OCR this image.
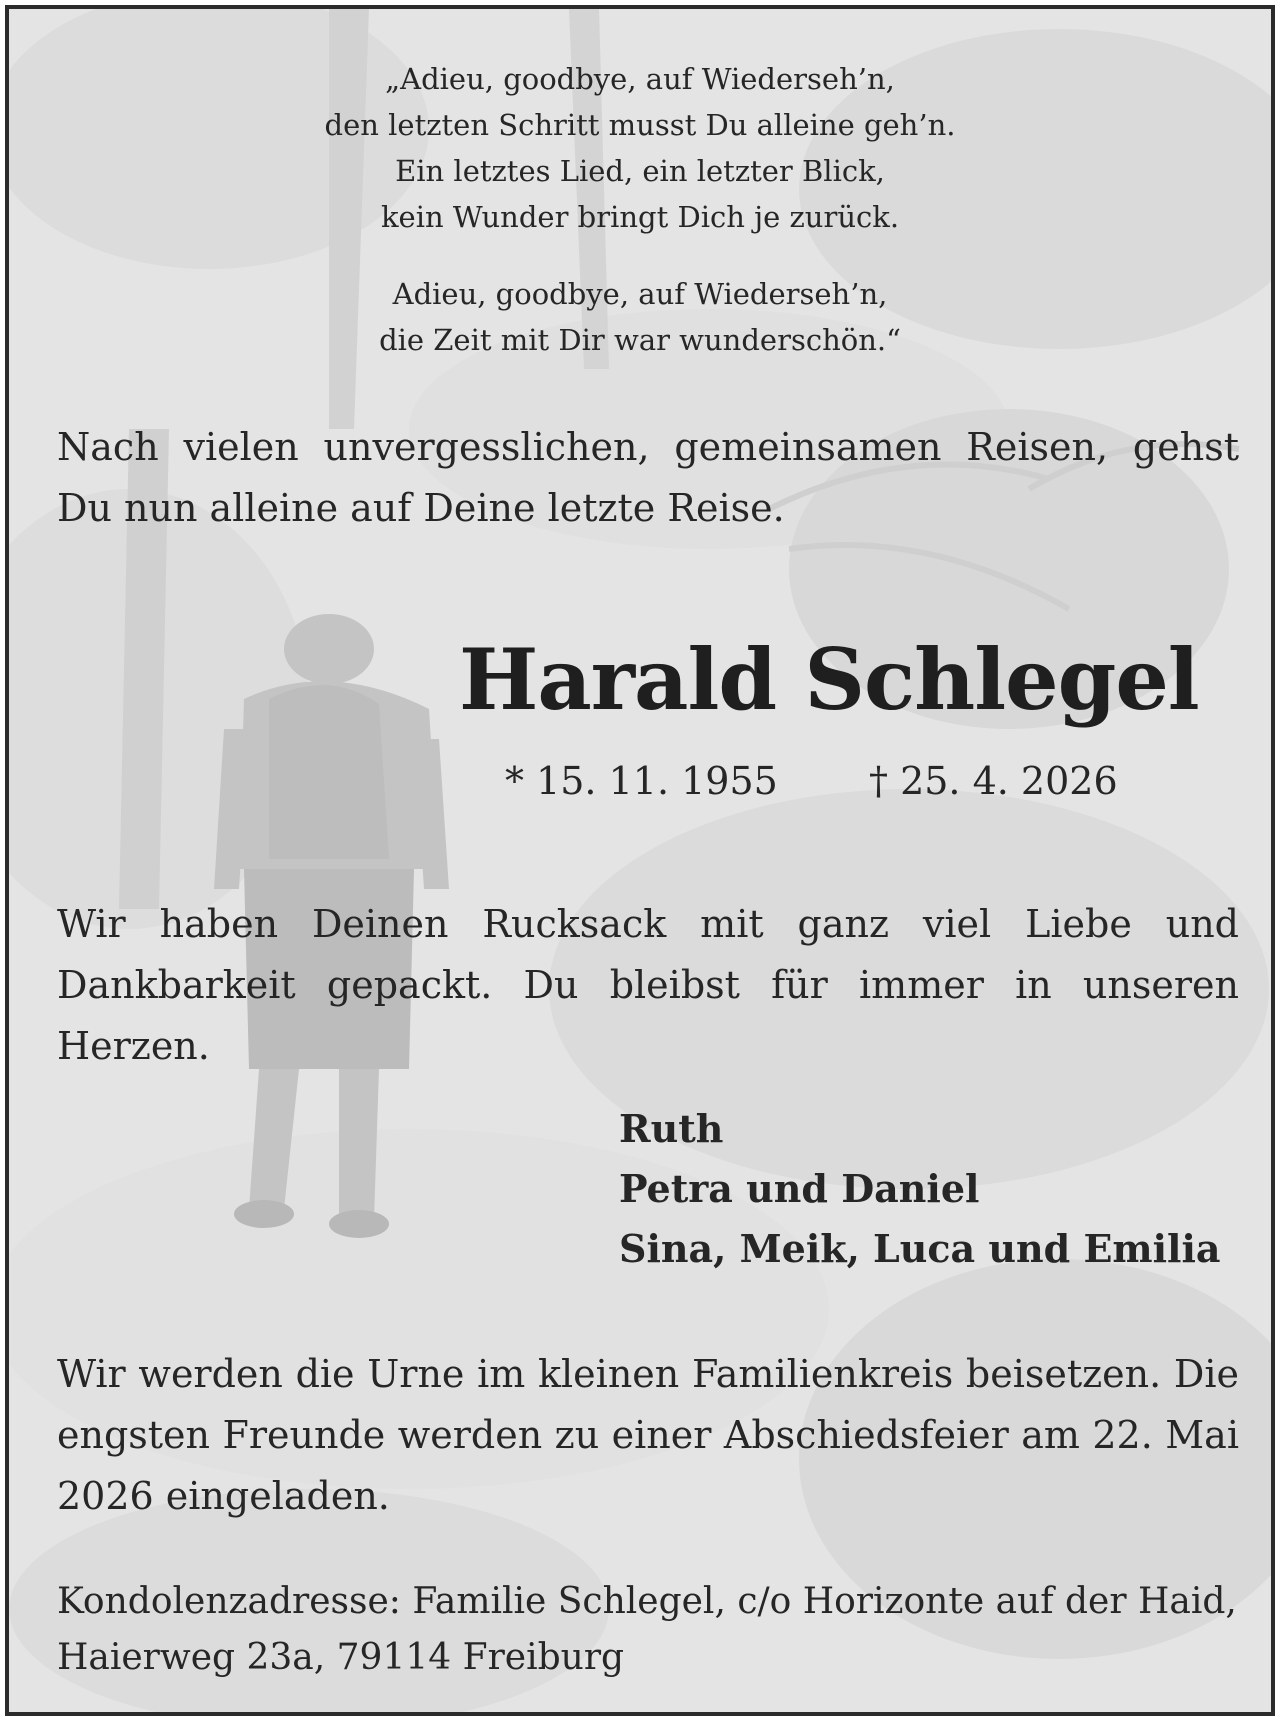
„Adieu, goodbye, auf Wiederseh’n,

den letzten Schritt musst Du alleine geh’n.

Ein letztes Lied, ein letzter Blick,

kein Wunder bringt Dich je zurück.

Adieu, goodbye, auf Wiederseh’n,

die Zeit mit Dir war wunderschön.“

Nach vielen unvergesslichen, gemeinsamen Reisen, gehst Du nun alleine auf Deine letzte Reise.
Harald Schlegel
* 15. 11. 1955 † 25. 4. 2026
Wir haben Deinen Rucksack mit ganz viel Liebe und Dankbarkeit gepackt. Du bleibst für immer in unseren Herzen.
Ruth
Petra und Daniel
Sina, Meik, Luca und Emilia
Wir werden die Urne im kleinen Familienkreis beisetzen. Die engsten Freunde werden zu einer Abschiedsfeier am 22. Mai 2026 eingeladen.
Kondolenzadresse: Familie Schlegel, c/o Horizonte auf der Haid,
Haierweg 23a, 79114 Freiburg
